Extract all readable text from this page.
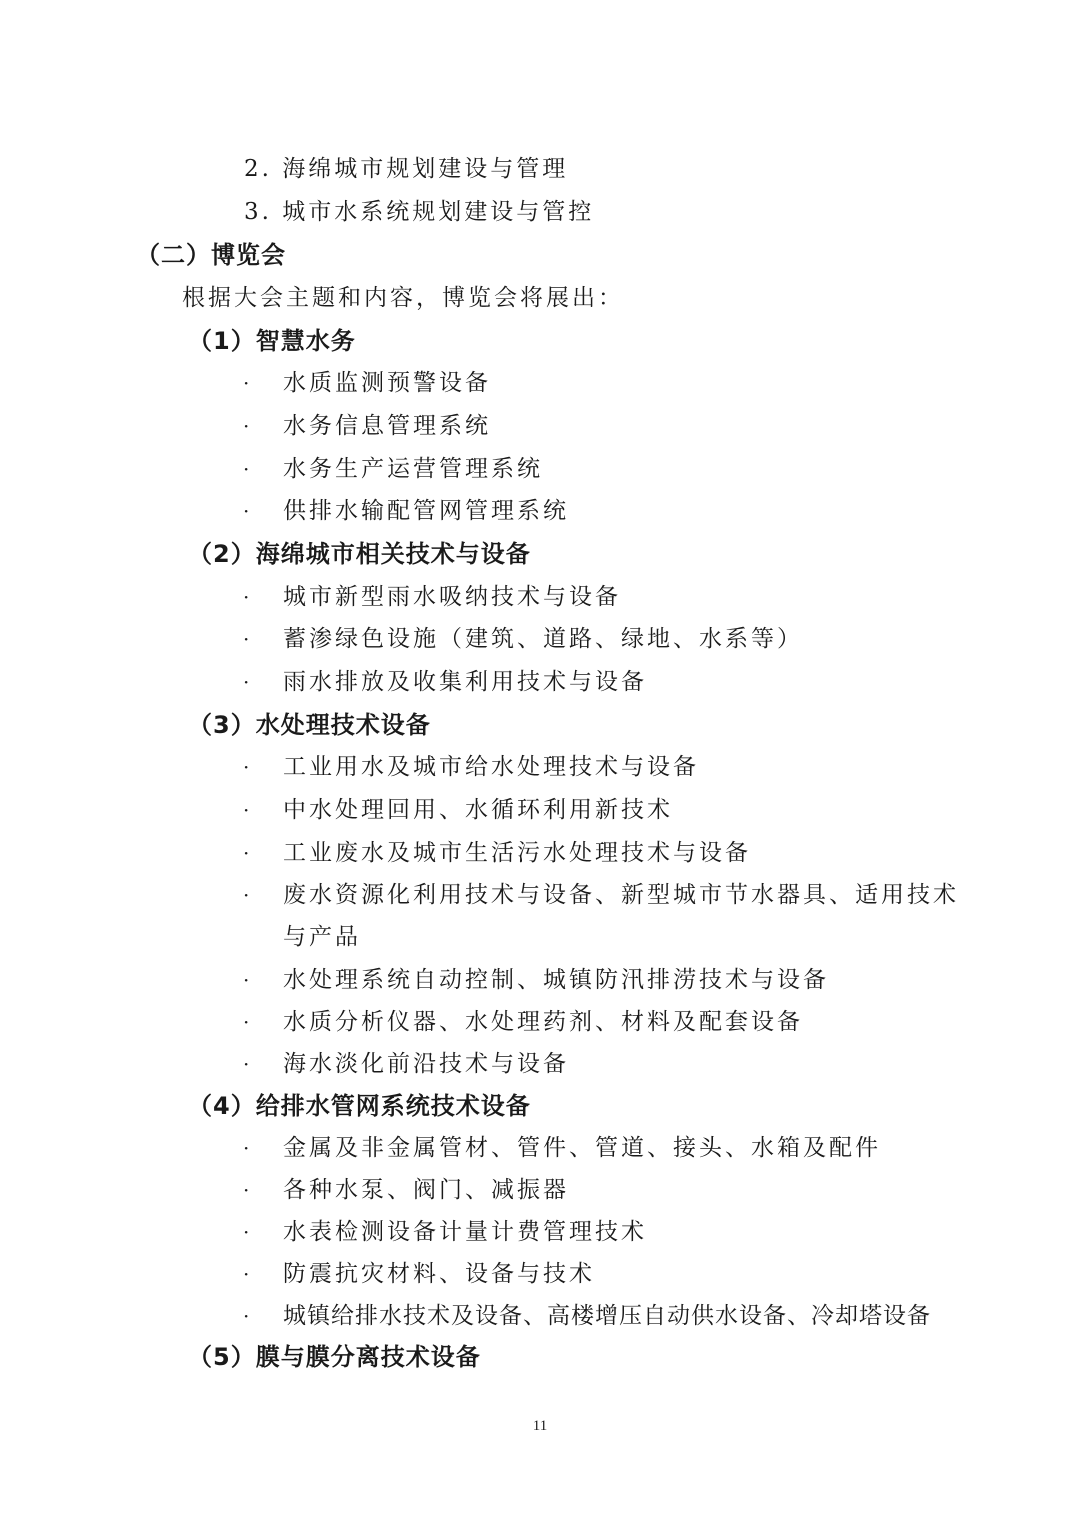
2. 海绵城市规划建设与管理
3. 城市水系统规划建设与管控
（二）博览会
根据大会主题和内容，博览会将展出：
（1）智慧水务
· 水质监测预警设备
· 水务信息管理系统
· 水务生产运营管理系统
· 供排水输配管网管理系统
（2）海绵城市相关技术与设备
· 城市新型雨水吸纳技术与设备
· 蓄渗绿色设施（建筑、道路、绿地、水系等）
· 雨水排放及收集利用技术与设备
（3）水处理技术设备
· 工业用水及城市给水处理技术与设备
· 中水处理回用、水循环利用新技术
· 工业废水及城市生活污水处理技术与设备
· 废水资源化利用技术与设备、新型城市节水器具、适用技术
与产品
· 水处理系统自动控制、城镇防汛排涝技术与设备
· 水质分析仪器、水处理药剂、材料及配套设备
· 海水淡化前沿技术与设备
（4）给排水管网系统技术设备
· 金属及非金属管材、管件、管道、接头、水箱及配件
· 各种水泵、阀门、减振器
· 水表检测设备计量计费管理技术
· 防震抗灾材料、设备与技术
· 城镇给排水技术及设备、高楼增压自动供水设备、冷却塔设备
（5）膜与膜分离技术设备
11
